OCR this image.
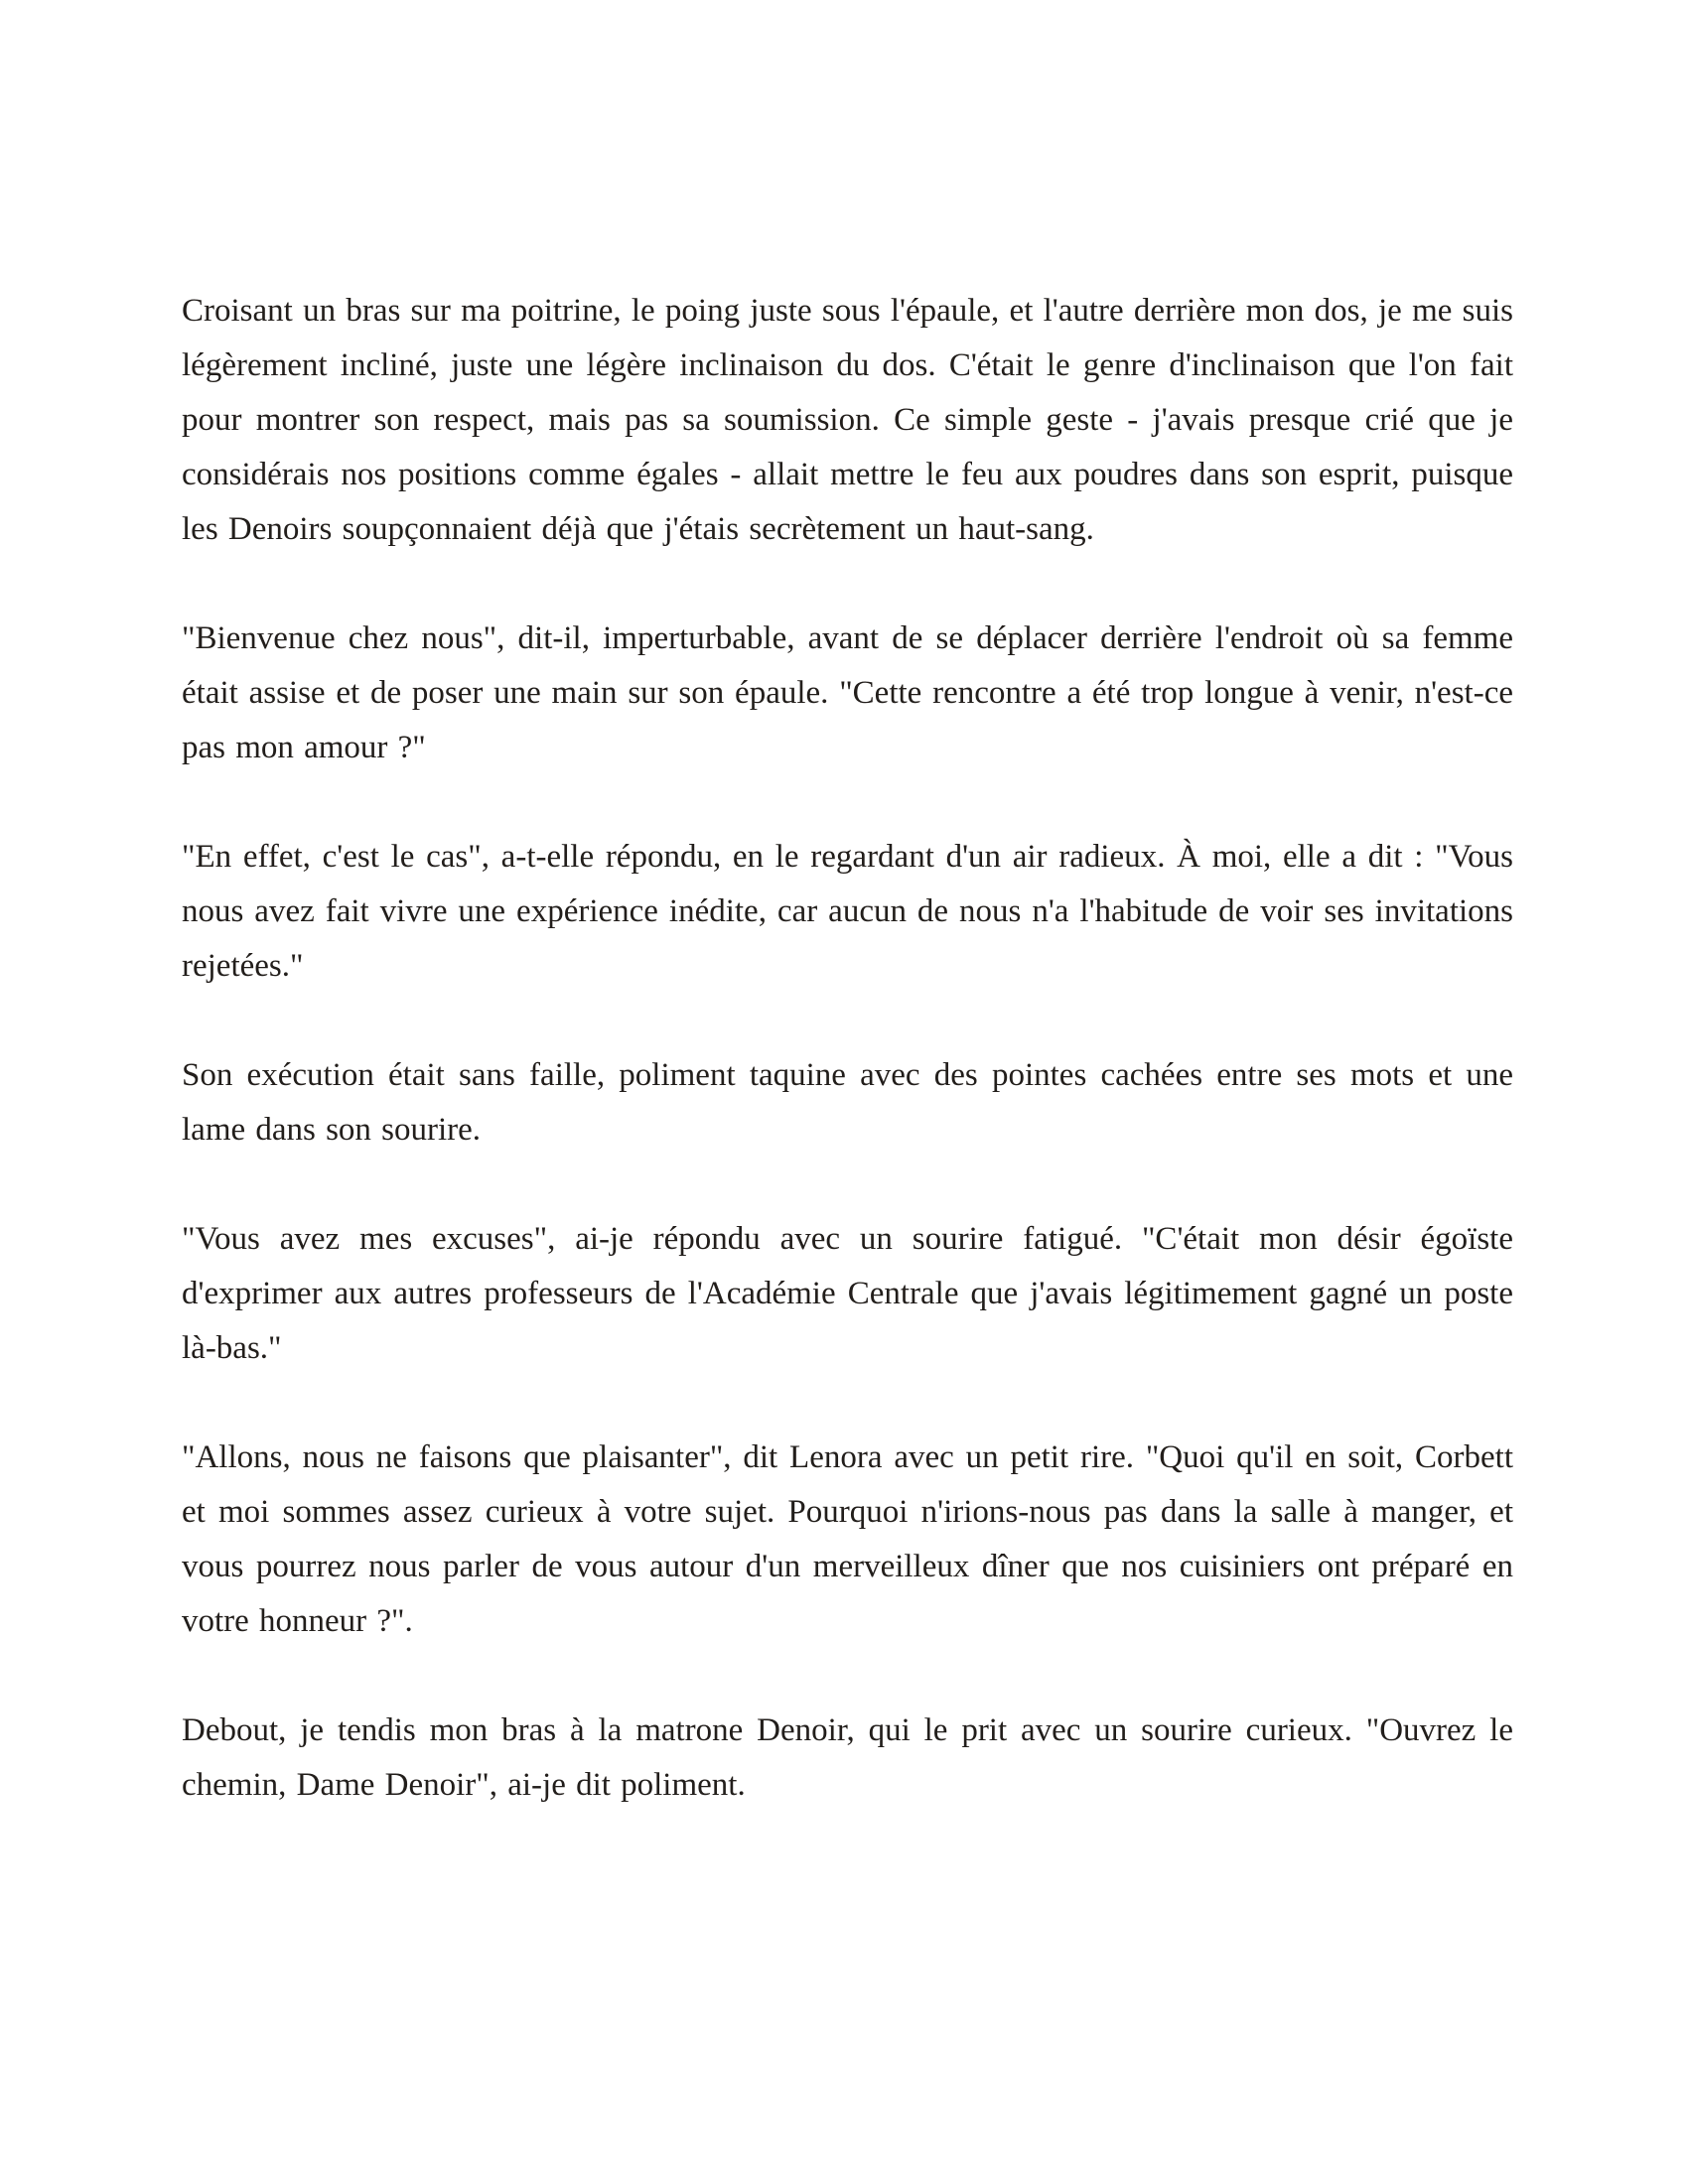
Croisant un bras sur ma poitrine, le poing juste sous l'épaule, et l'autre derrière mon dos, je me suis légèrement incliné, juste une légère inclinaison du dos. C'était le genre d'inclinaison que l'on fait pour montrer son respect, mais pas sa soumission. Ce simple geste - j'avais presque crié que je considérais nos positions comme égales - allait mettre le feu aux poudres dans son esprit, puisque les Denoirs soupçonnaient déjà que j'étais secrètement un haut-sang.

"Bienvenue chez nous", dit-il, imperturbable, avant de se déplacer derrière l'endroit où sa femme était assise et de poser une main sur son épaule. "Cette rencontre a été trop longue à venir, n'est-ce pas mon amour ?"

"En effet, c'est le cas", a-t-elle répondu, en le regardant d'un air radieux. À moi, elle a dit : "Vous nous avez fait vivre une expérience inédite, car aucun de nous n'a l'habitude de voir ses invitations rejetées."

Son exécution était sans faille, poliment taquine avec des pointes cachées entre ses mots et une lame dans son sourire.

"Vous avez mes excuses", ai-je répondu avec un sourire fatigué. "C'était mon désir égoïste d'exprimer aux autres professeurs de l'Académie Centrale que j'avais légitimement gagné un poste là-bas."

"Allons, nous ne faisons que plaisanter", dit Lenora avec un petit rire. "Quoi qu'il en soit, Corbett et moi sommes assez curieux à votre sujet. Pourquoi n'irions-nous pas dans la salle à manger, et vous pourrez nous parler de vous autour d'un merveilleux dîner que nos cuisiniers ont préparé en votre honneur ?".

Debout, je tendis mon bras à la matrone Denoir, qui le prit avec un sourire curieux. "Ouvrez le chemin, Dame Denoir", ai-je dit poliment.
